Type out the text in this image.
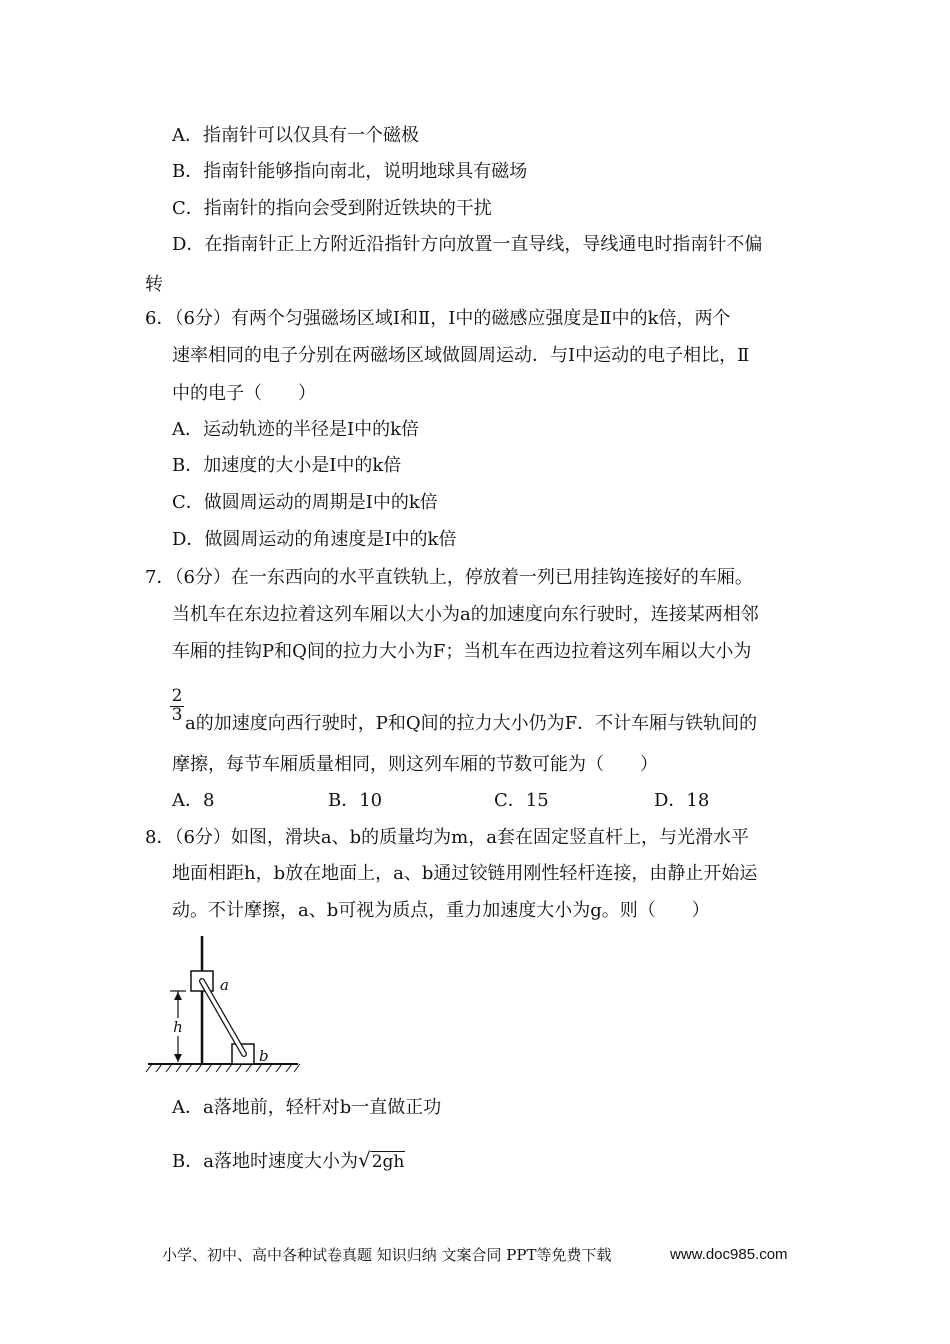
A．指南针可以仅具有一个磁极
B．指南针能够指向南北，说明地球具有磁场
C．指南针的指向会受到附近铁块的干扰
D．在指南针正上方附近沿指针方向放置一直导线，导线通电时指南针不偏
转
6．（6分）有两个匀强磁场区域Ⅰ和Ⅱ，I中的磁感应强度是Ⅱ中的k倍，两个
速率相同的电子分别在两磁场区域做圆周运动．与Ⅰ中运动的电子相比，Ⅱ
中的电子（　　）
A．运动轨迹的半径是Ⅰ中的k倍
B．加速度的大小是Ⅰ中的k倍
C．做圆周运动的周期是Ⅰ中的k倍
D．做圆周运动的角速度是Ⅰ中的k倍
7．（6分）在一东西向的水平直铁轨上，停放着一列已用挂钩连接好的车厢。
当机车在东边拉着这列车厢以大小为a的加速度向东行驶时，连接某两相邻
车厢的挂钩P和Q间的拉力大小为F；当机车在西边拉着这列车厢以大小为
$\frac{2}{3}$ a的加速度向西行驶时，P和Q间的拉力大小仍为F．不计车厢与铁轨间的
摩擦，每节车厢质量相同，则这列车厢的节数可能为（　　）
A．8	B．10	C．15	D．18
8．（6分）如图，滑块a、b的质量均为m，a套在固定竖直杆上，与光滑水平
地面相距h，b放在地面上，a、b通过铰链用刚性轻杆连接，由静止开始运
动。不计摩擦，a、b可视为质点，重力加速度大小为g。则（　　）
h
a
b
A．a落地前，轻杆对b一直做正功
B．a落地时速度大小为√2gh
小学、初中、高中各种试卷真题 知识归纳 文案合同 PPT等免费下载	www.doc985.com
